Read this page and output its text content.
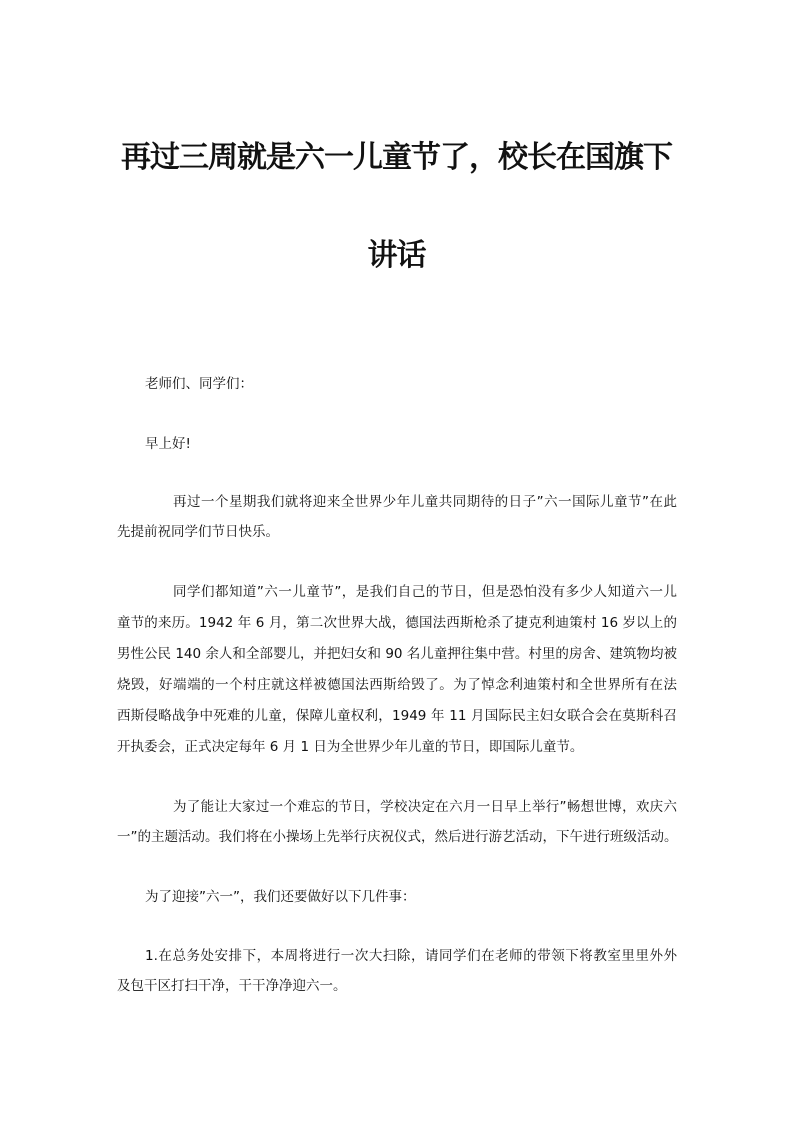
再过三周就是六一儿童节了，校长在国旗下
讲话
老师们、同学们：
早上好!
再过一个星期我们就将迎来全世界少年儿童共同期待的日子”六一国际儿童节”在此
先提前祝同学们节日快乐。
同学们都知道”六一儿童节”，是我们自己的节日，但是恐怕没有多少人知道六一儿
童节的来历。1942 年 6 月，第二次世界大战，德国法西斯枪杀了捷克利迪策村 16 岁以上的
男性公民 140 余人和全部婴儿，并把妇女和 90 名儿童押往集中营。村里的房舍、建筑物均被
烧毁，好端端的一个村庄就这样被德国法西斯给毁了。为了悼念利迪策村和全世界所有在法
西斯侵略战争中死难的儿童，保障儿童权利，1949 年 11 月国际民主妇女联合会在莫斯科召
开执委会，正式决定每年 6 月 1 日为全世界少年儿童的节日，即国际儿童节。
为了能让大家过一个难忘的节日，学校决定在六月一日早上举行”畅想世博，欢庆六
一”的主题活动。我们将在小操场上先举行庆祝仪式，然后进行游艺活动，下午进行班级活动。
为了迎接”六一”，我们还要做好以下几件事：
1.在总务处安排下，本周将进行一次大扫除，请同学们在老师的带领下将教室里里外外
及包干区打扫干净，干干净净迎六一。
